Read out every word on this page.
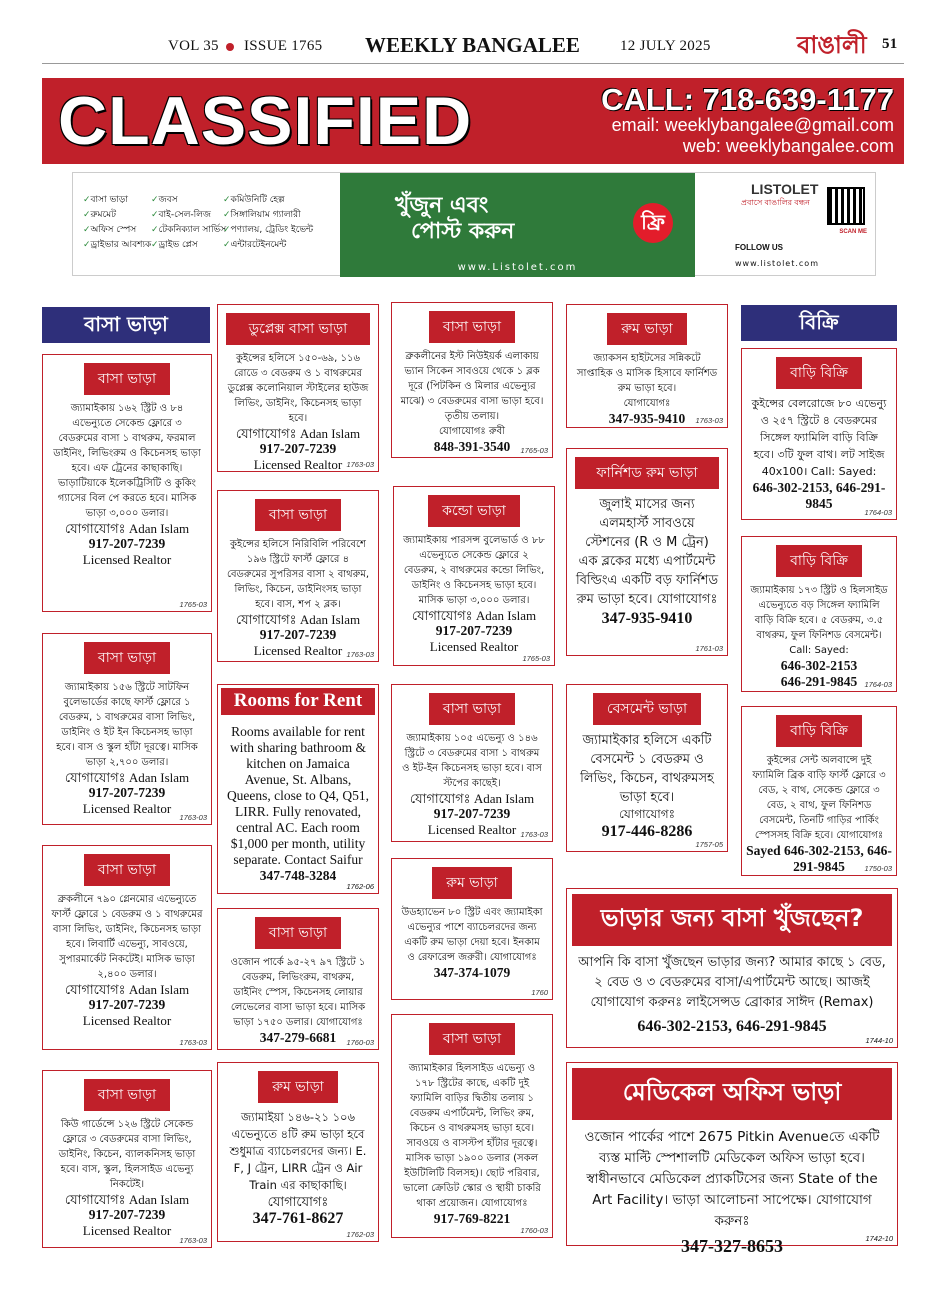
VOL 35 ISSUE 1765 WEEKLY BANGALEE	12 JULY 2025	বাঙালী 51
CLASSIFIED	CALL: 718-639-1177
email: weeklybangalee@gmail.com
web: weeklybangalee.com
✓ বাসা ভাড়া
✓ রুমমেট
✓ অফিস স্পেস
✓ ড্রাইভার আবশ্যক
✓ জবস
✓ বাই-সেল-লিজ
✓ টেকনিক্যাল সার্ভিস
✓ ড্রাইভ প্লেস
✓ কমিউনিটি হেল্প
✓ সিঙ্গালিয়াম গ্যালারী
✓ পণ্যালয়, ট্রেডিং ইভেন্ট
✓ এন্টারটেইনমেন্ট
খুঁজুন এবং
পোস্ট করুন	ফ্রি
www.Listolet.com
LISTOLET
প্রবাসে বাঙালির বন্ধন
FOLLOW US
www.listolet.com
SCAN ME
বাসা ভাড়া	বিক্রি
বাসা ভাড়া
জ্যামাইকায় ১৬২ স্ট্রিট ও ৮৪ এভেন্যুতে সেকেন্ড ফ্লোরে ৩ বেডরুমের বাসা ১ বাথরুম, ফরমাল ডাইনিং, লিভিংরুম ও কিচেনসহ ভাড়া হবে। এফ ট্রেনের কাছাকাছি। ভাড়াটিয়াকে ইলেকট্রিসিটি ও কুকিং গ্যাসের বিল পে করতে হবে। মাসিক ভাড়া ৩,০০০ ডলার।
যোগাযোগঃ Adan Islam
917-207-7239
Licensed Realtor
1765-03
বাসা ভাড়া
জ্যামাইকায় ১৫৬ স্ট্রিটে সাটফিন বুলেভার্ডের কাছে ফার্স্ট ফ্লোরে ১ বেডরুম, ১ বাথরুমের বাসা লিভিং, ডাইনিং ও ইট ইন কিচেনসহ ভাড়া হবে। বাস ও স্কুল হাঁটা দূরত্বে। মাসিক ভাড়া ২,৭০০ ডলার।
যোগাযোগঃ Adan Islam
917-207-7239
Licensed Realtor
1763-03
বাসা ভাড়া
ব্রুকলীনে ৭৯০ গ্লেনমোর এভেন্যুতে ফার্স্ট ফ্লোরে ১ বেডরুম ও ১ বাথরুমের বাসা লিভিং, ডাইনিং, কিচেনসহ ভাড়া হবে। লিবার্টি এভেন্যু, সাবওয়ে, সুপারমার্কেট নিকটেই। মাসিক ভাড়া ২,৪০০ ডলার।
যোগাযোগঃ Adan Islam
917-207-7239
Licensed Realtor
1763-03
বাসা ভাড়া
কিউ গার্ডেন্সে ১২৬ স্ট্রিটে সেকেন্ড ফ্লোরে ৩ বেডরুমের বাসা লিভিং, ডাইনিং, কিচেন, ব্যালকনিসহ ভাড়া হবে। বাস, স্কুল, হিলসাইড এভেন্যু নিকটেই।
যোগাযোগঃ Adan Islam
917-207-7239
Licensed Realtor
1763-03
ডুপ্লেক্স বাসা ভাড়া
কুইন্সের হলিসে ১৫০-৬৯, ১১৬ রোডে ৩ বেডরুম ও ১ বাথরুমের ডুপ্লেক্স কলোনিয়াল স্টাইলের হাউজ লিভিং, ডাইনিং, কিচেনসহ ভাড়া হবে।
যোগাযোগঃ Adan Islam
917-207-7239
Licensed Realtor 1763-03
বাসা ভাড়া
কুইন্সের হলিসে নিরিবিলি পরিবেশে ১৯৬ স্ট্রিটে ফার্স্ট ফ্লোরে ৪ বেডরুমের সুপরিসর বাসা ২ বাথরুম, লিভিং, কিচেন, ডাইনিংসহ ভাড়া হবে। বাস, শপ ২ ব্লক।
যোগাযোগঃ Adan Islam
917-207-7239
Licensed Realtor 1763-03
Rooms for Rent
Rooms available for rent with sharing bathroom & kitchen on Jamaica Avenue, St. Albans, Queens, close to Q4, Q51, LIRR. Fully renovated, central AC. Each room $1,000 per month, utility separate. Contact Saifur
347-748-3284
1762-06
বাসা ভাড়া
ওজোন পার্কে ৯৫-২৭ ৯৭ স্ট্রিটে ১ বেডরুম, লিভিংরুম, বাথরুম, ডাইনিং স্পেস, কিচেনসহ লোয়ার লেভেলের বাসা ভাড়া হবে। মাসিক ভাড়া ১৭৫০ ডলার। যোগাযোগঃ
347-279-6681	1760-03
রুম ভাড়া
জ্যামাইয়া ১৪৬-২১ ১০৬ এভেন্যুতে ৪টি রুম ভাড়া হবে শুধুমাত্র ব্যাচেলরদের জন্য। E. F, J ট্রেন, LIRR ট্রেন ও Air Train এর কাছাকাছি।
যোগাযোগঃ
347-761-8627
1762-03
বাসা ভাড়া
ব্রুকলীনের ইস্ট নিউইয়র্ক এলাকায় ভ্যান সিকেন সাবওয়ে থেকে ১ ব্লক দূরে (পিটকিন ও মিলার এভেন্যুর মাঝে) ৩ বেডরুমের বাসা ভাড়া হবে। তৃতীয় তলায়।
যোগাযোগঃ রুবী
848-391-3540	1765-03
কন্ডো ভাড়া
জ্যামাইকায় পারসন্স বুলেভার্ড ও ৮৮ এভেন্যুতে সেকেন্ড ফ্লোরে ২ বেডরুম, ২ বাথরুমের কন্ডো লিভিং, ডাইনিং ও কিচেনসহ ভাড়া হবে। মাসিক ভাড়া ৩,০০০ ডলার।
যোগাযোগঃ Adan Islam
917-207-7239
Licensed Realtor
1765-03
বাসা ভাড়া
জ্যামাইকায় ১০৫ এভেন্যু ও ১৪৬ স্ট্রিটে ৩ বেডরুমের বাসা ১ বাথরুম ও ইট-ইন কিচেনসহ ভাড়া হবে। বাস স্টপের কাছেই।
যোগাযোগঃ Adan Islam
917-207-7239
Licensed Realtor 1763-03
রুম ভাড়া
উডহ্যাভেন ৮০ স্ট্রিট এবং জ্যামাইকা এভেন্যুর পাশে ব্যাচেলরদের জন্য একটি রুম ভাড়া দেয়া হবে। ইনকাম ও রেফারেন্স জরুরী। যোগাযোগঃ
347-374-1079
1760
বাসা ভাড়া
জ্যামাইকার হিলসাইড এভেন্যু ও ১৭৮ স্ট্রিটের কাছে, একটি দুই ফ্যামিলি বাড়ির দ্বিতীয় তলায় ১ বেডরুম এপার্টমেন্ট, লিভিং রুম, কিচেন ও বাথরুমসহ ভাড়া হবে। সাবওয়ে ও বাসস্টপ হাঁটার দূরত্বে। মাসিক ভাড়া ১৯০০ ডলার (সকল ইউটিলিটি বিলসহ)। ছোট পরিবার, ভালো ক্রেডিট স্কোর ও স্থায়ী চাকরি থাকা প্রয়োজন। যোগাযোগঃ
917-769-8221
1760-03
রুম ভাড়া
জ্যাকসন হাইটসের সন্নিকটে সাপ্তাহিক ও মাসিক হিসাবে ফার্নিশড রুম ভাড়া হবে।
যোগাযোগঃ
347-935-9410	1763-03
ফার্নিশড রুম ভাড়া
জুলাই মাসের জন্য এলমহার্স্ট সাবওয়ে স্টেশনের (R ও M ট্রেন) এক ব্লকের মধ্যে এপার্টমেন্ট বিল্ডিংএ একটি বড় ফার্নিশড রুম ভাড়া হবে। যোগাযোগঃ
347-935-9410
1761-03
বেসমেন্ট ভাড়া
জ্যামাইকার হলিসে একটি বেসমেন্ট ১ বেডরুম ও লিভিং, কিচেন, বাথরুমসহ ভাড়া হবে।
যোগাযোগঃ
917-446-8286
1757-05
বাড়ি বিক্রি
কুইন্সের বেলরোজে ৮০ এভেন্যু ও ২৫৭ স্ট্রিটে ৪ বেডরুমের সিঙ্গেল ফ্যামিলি বাড়ি বিক্রি হবে। ৩টি ফুল বাথ। লট সাইজ 40x100। Call: Sayed:
646-302-2153, 646-291-9845
1764-03
বাড়ি বিক্রি
জ্যামাইকায় ১৭৩ স্ট্রিট ও হিলসাইড এভেন্যুতে বড় সিঙ্গেল ফ্যামিলি বাড়ি বিক্রি হবে। ৫ বেডরুম, ৩.৫ বাথরুম, ফুল ফিনিশড বেসমেন্ট। Call: Sayed:
646-302-2153
646-291-9845 1764-03
বাড়ি বিক্রি
কুইন্সের সেন্ট অলবান্সে দুই ফ্যামিলি ব্রিক বাড়ি ফার্স্ট ফ্লোরে ৩ বেড, ২ বাথ, সেকেন্ড ফ্লোরে ৩ বেড, ২ বাথ, ফুল ফিনিশড বেসমেন্ট, তিনটি গাড়ির পার্কিং স্পেসসহ বিক্রি হবে। যোগাযোগঃ
Sayed 646-302-2153, 646-291-9845	1750-03
ভাড়ার জন্য বাসা খুঁজছেন?
আপনি কি বাসা খুঁজছেন ভাড়ার জন্য? আমার কাছে ১ বেড, ২ বেড ও ৩ বেডরুমের বাসা/এপার্টমেন্ট আছে। আজই যোগাযোগ করুনঃ লাইসেন্সড ব্রোকার সাঈদ (Remax)
646-302-2153, 646-291-9845
1744-10
মেডিকেল অফিস ভাড়া
ওজোন পার্কের পাশে 2675 Pitkin Avenueতে একটি ব্যস্ত মাল্টি স্পেশালটি মেডিকেল অফিস ভাড়া হবে। স্বাধীনভাবে মেডিকেল প্র্যাকটিসের জন্য State of the Art Facility। ভাড়া আলোচনা সাপেক্ষে। যোগাযোগ করুনঃ
347-327-8653	1742-10
